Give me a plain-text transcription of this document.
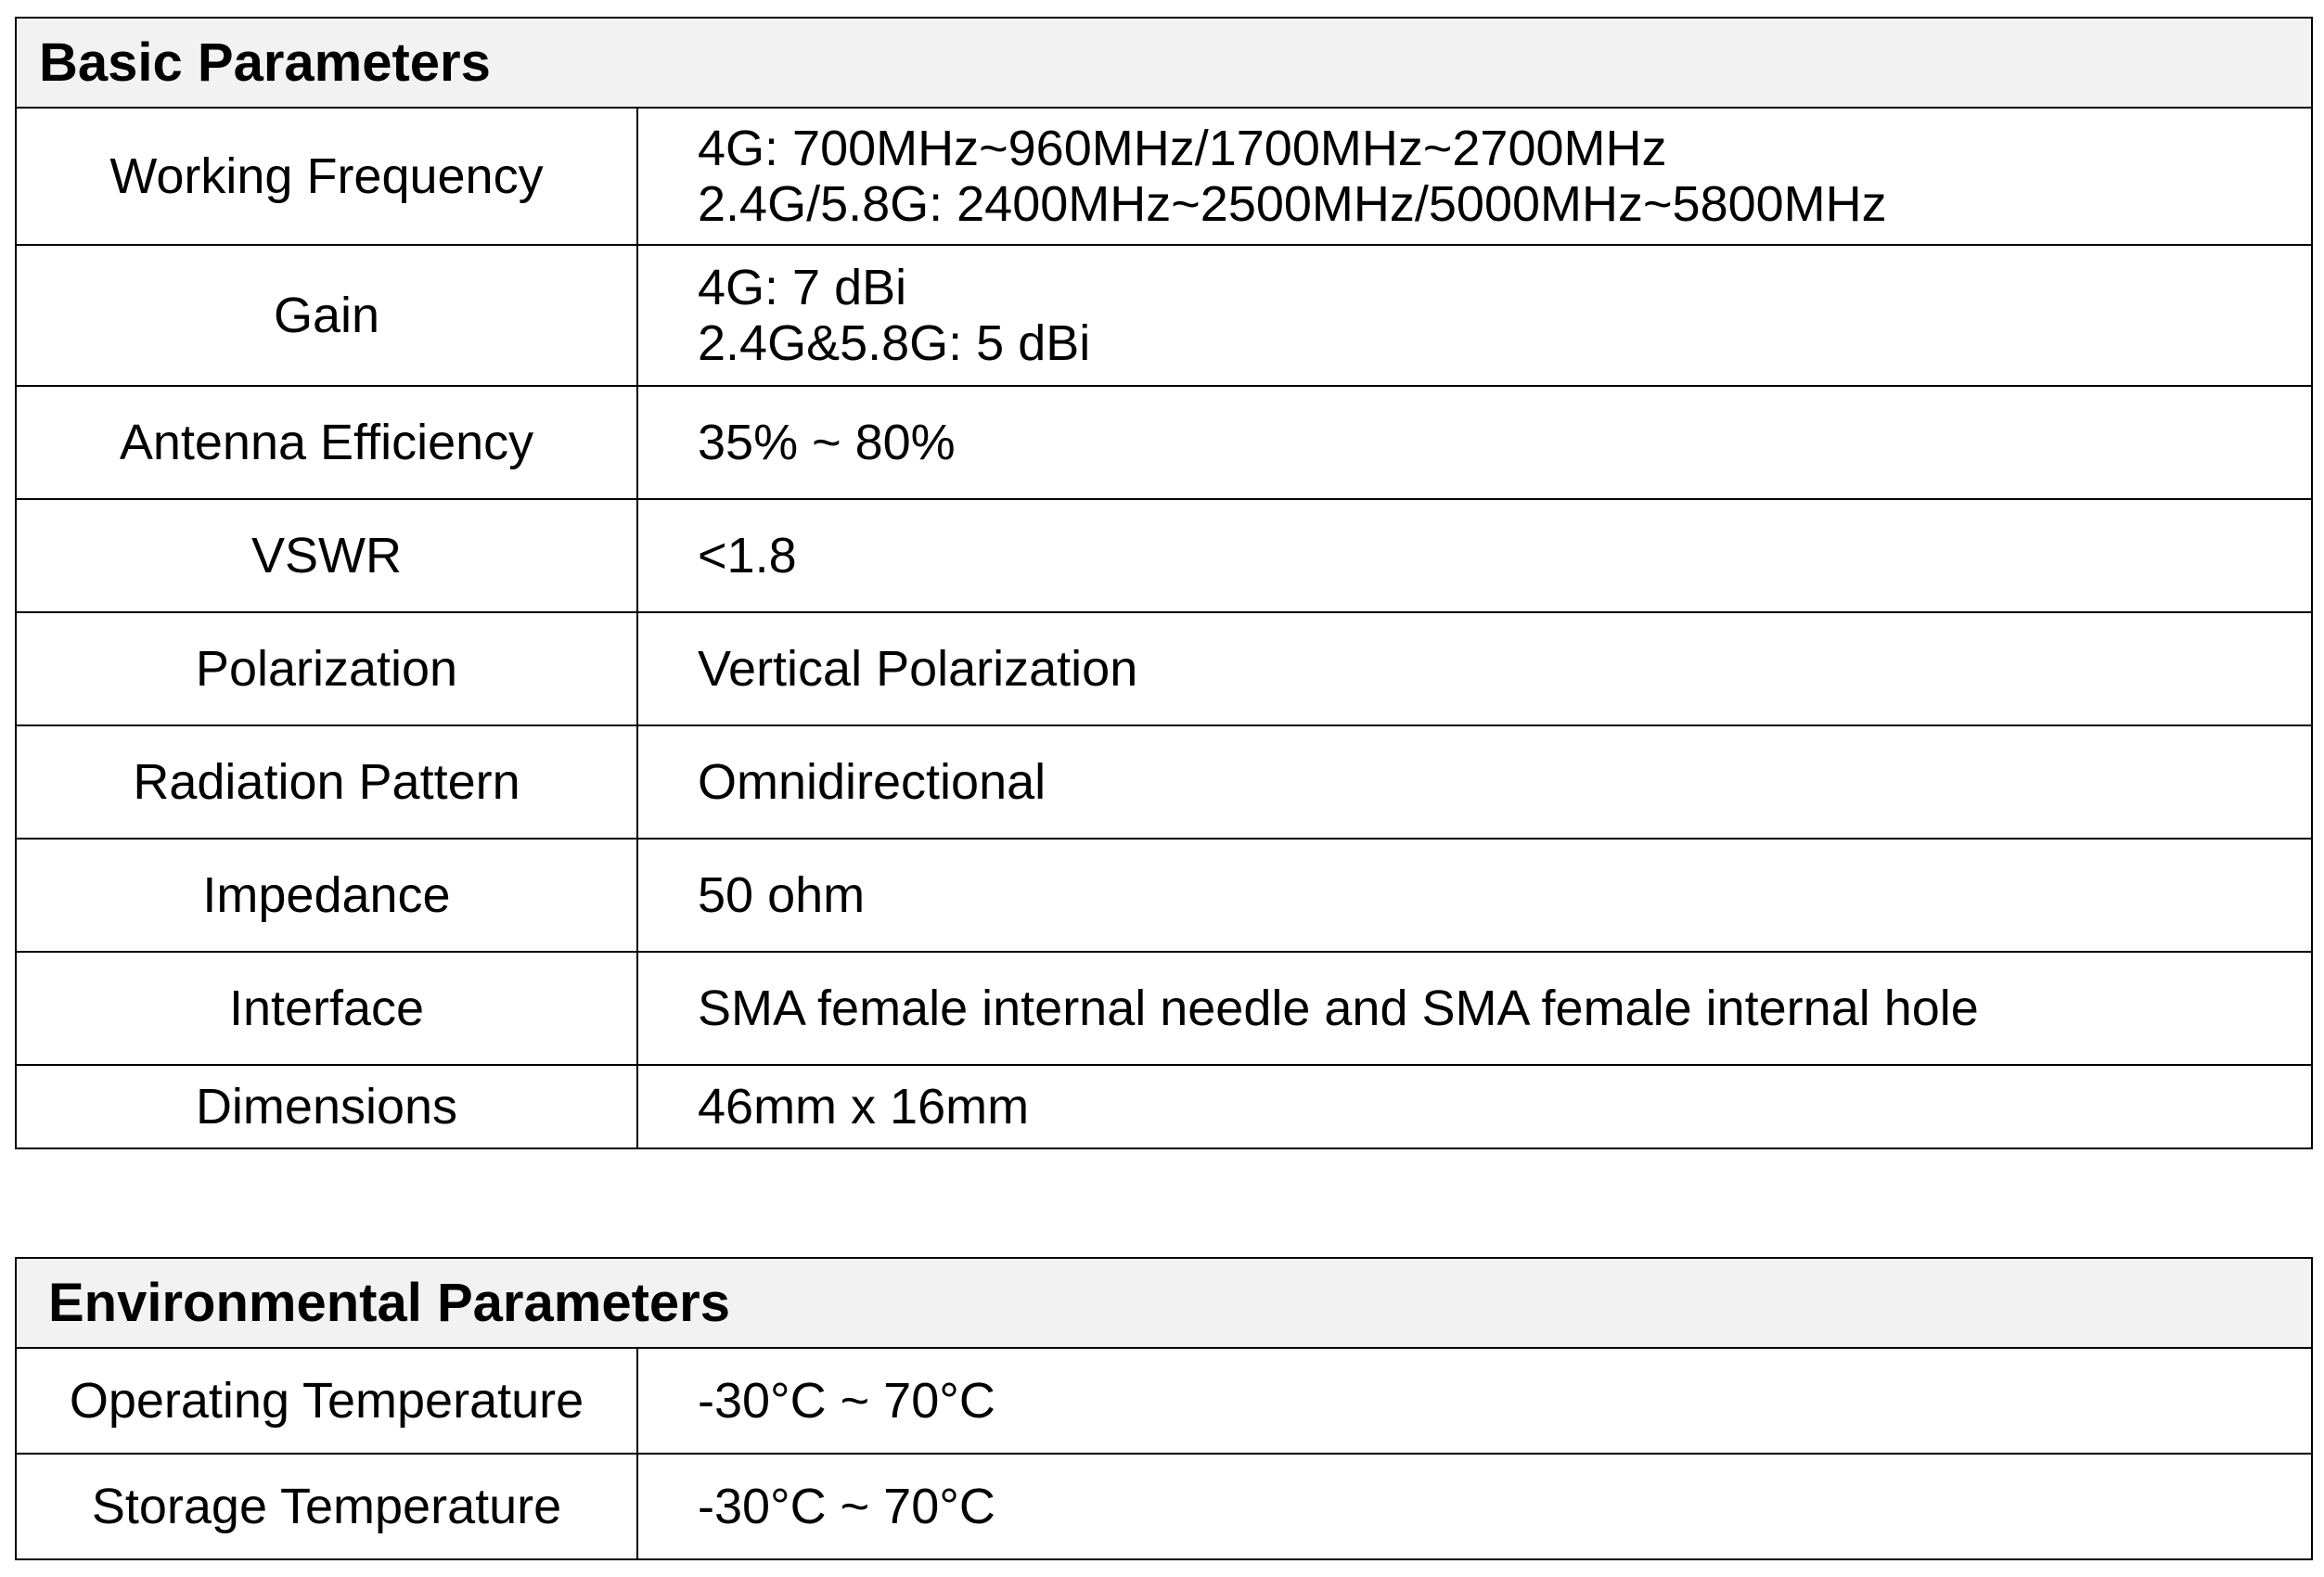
Basic Parameters	
Working Frequency	4G: 700MHz~960MHz/1700MHz~2700MHz
2.4G/5.8G: 2400MHz~2500MHz/5000MHz~5800MHz

Gain	4G: 7 dBi
2.4G&5.8G: 5 dBi

Antenna Efficiency	35% ~ 80%

VSWR	<1.8

Polarization	Vertical Polarization

Radiation Pattern	Omnidirectional

Impedance	50 ohm

Interface	SMA female internal needle and SMA female internal hole

Dimensions	46mm x 16mm
Environmental Parameters	
Operating Temperature	-30°C ~ 70°C

Storage Temperature	-30°C ~ 70°C
